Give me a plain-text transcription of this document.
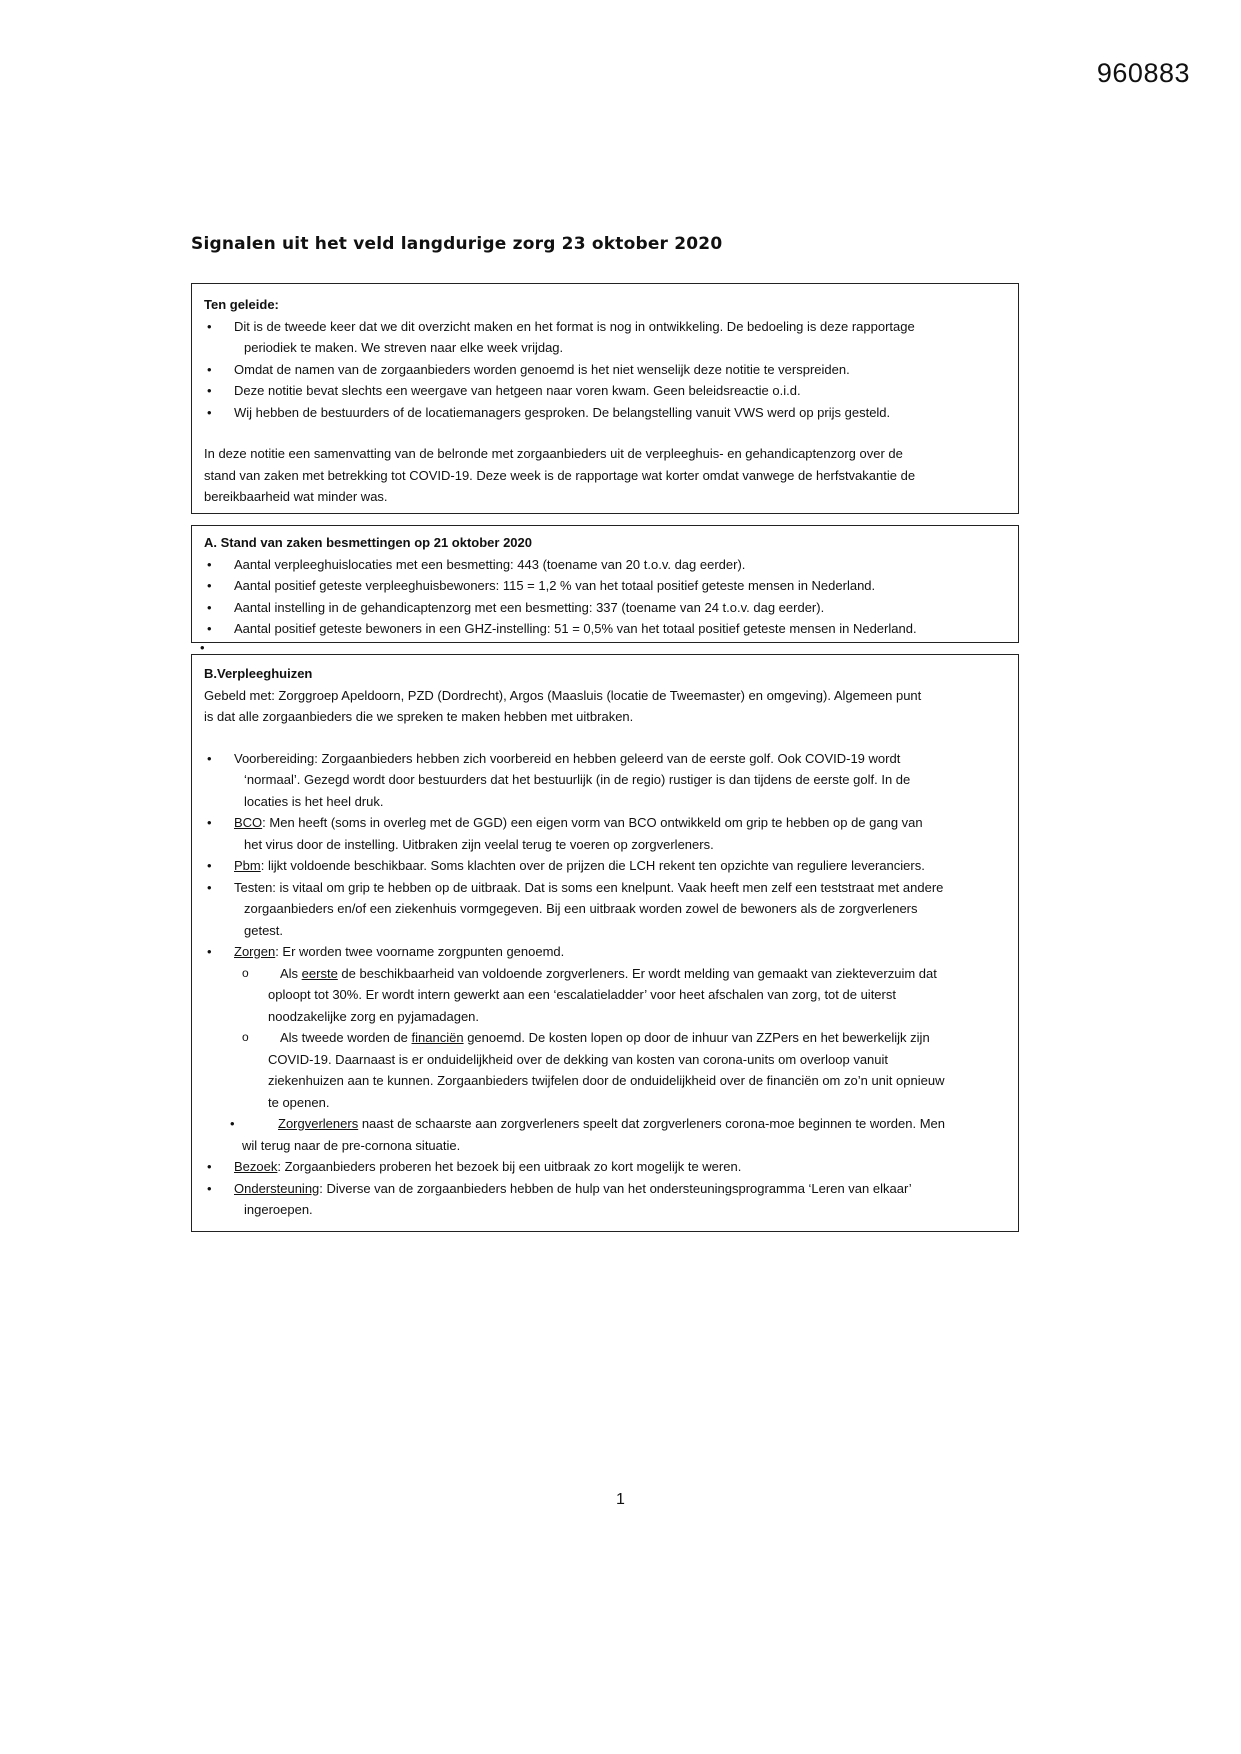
960883
Signalen uit het veld langdurige zorg 23 oktober 2020
Ten geleide:
• Dit is de tweede keer dat we dit overzicht maken en het format is nog in ontwikkeling. De bedoeling is deze rapportage
periodiek te maken. We streven naar elke week vrijdag.
• Omdat de namen van de zorgaanbieders worden genoemd is het niet wenselijk deze notitie te verspreiden.
• Deze notitie bevat slechts een weergave van hetgeen naar voren kwam. Geen beleidsreactie o.i.d.
• Wij hebben de bestuurders of de locatiemanagers gesproken. De belangstelling vanuit VWS werd op prijs gesteld.
In deze notitie een samenvatting van de belronde met zorgaanbieders uit de verpleeghuis- en gehandicaptenzorg over de
stand van zaken met betrekking tot COVID-19. Deze week is de rapportage wat korter omdat vanwege de herfstvakantie de
bereikbaarheid wat minder was.
A. Stand van zaken besmettingen op 21 oktober 2020
• Aantal verpleeghuislocaties met een besmetting: 443 (toename van 20 t.o.v. dag eerder).
• Aantal positief geteste verpleeghuisbewoners: 115 = 1,2 % van het totaal positief geteste mensen in Nederland.
• Aantal instelling in de gehandicaptenzorg met een besmetting: 337 (toename van 24 t.o.v. dag eerder).
• Aantal positief geteste bewoners in een GHZ-instelling: 51 = 0,5% van het totaal positief geteste mensen in Nederland.
•
B.Verpleeghuizen
Gebeld met: Zorggroep Apeldoorn, PZD (Dordrecht), Argos (Maasluis (locatie de Tweemaster) en omgeving). Algemeen punt
is dat alle zorgaanbieders die we spreken te maken hebben met uitbraken.
• Voorbereiding: Zorgaanbieders hebben zich voorbereid en hebben geleerd van de eerste golf. Ook COVID-19 wordt
‘normaal’. Gezegd wordt door bestuurders dat het bestuurlijk (in de regio) rustiger is dan tijdens de eerste golf. In de
locaties is het heel druk.
• BCO: Men heeft (soms in overleg met de GGD) een eigen vorm van BCO ontwikkeld om grip te hebben op de gang van
het virus door de instelling. Uitbraken zijn veelal terug te voeren op zorgverleners.
• Pbm: lijkt voldoende beschikbaar. Soms klachten over de prijzen die LCH rekent ten opzichte van reguliere leveranciers.
• Testen: is vitaal om grip te hebben op de uitbraak. Dat is soms een knelpunt. Vaak heeft men zelf een teststraat met andere
zorgaanbieders en/of een ziekenhuis vormgegeven. Bij een uitbraak worden zowel de bewoners als de zorgverleners
getest.
• Zorgen: Er worden twee voorname zorgpunten genoemd.
o Als eerste de beschikbaarheid van voldoende zorgverleners. Er wordt melding van gemaakt van ziekteverzuim dat
oploopt tot 30%. Er wordt intern gewerkt aan een ‘escalatieladder’ voor heet afschalen van zorg, tot de uiterst
noodzakelijke zorg en pyjamadagen.
o Als tweede worden de financiën genoemd. De kosten lopen op door de inhuur van ZZPers en het bewerkelijk zijn
COVID-19. Daarnaast is er onduidelijkheid over de dekking van kosten van corona-units om overloop vanuit
ziekenhuizen aan te kunnen. Zorgaanbieders twijfelen door de onduidelijkheid over de financiën om zo’n unit opnieuw
te openen.
• Zorgverleners naast de schaarste aan zorgverleners speelt dat zorgverleners corona-moe beginnen te worden. Men
wil terug naar de pre-cornona situatie.
• Bezoek: Zorgaanbieders proberen het bezoek bij een uitbraak zo kort mogelijk te weren.
• Ondersteuning: Diverse van de zorgaanbieders hebben de hulp van het ondersteuningsprogramma ‘Leren van elkaar’
ingeroepen.
1
